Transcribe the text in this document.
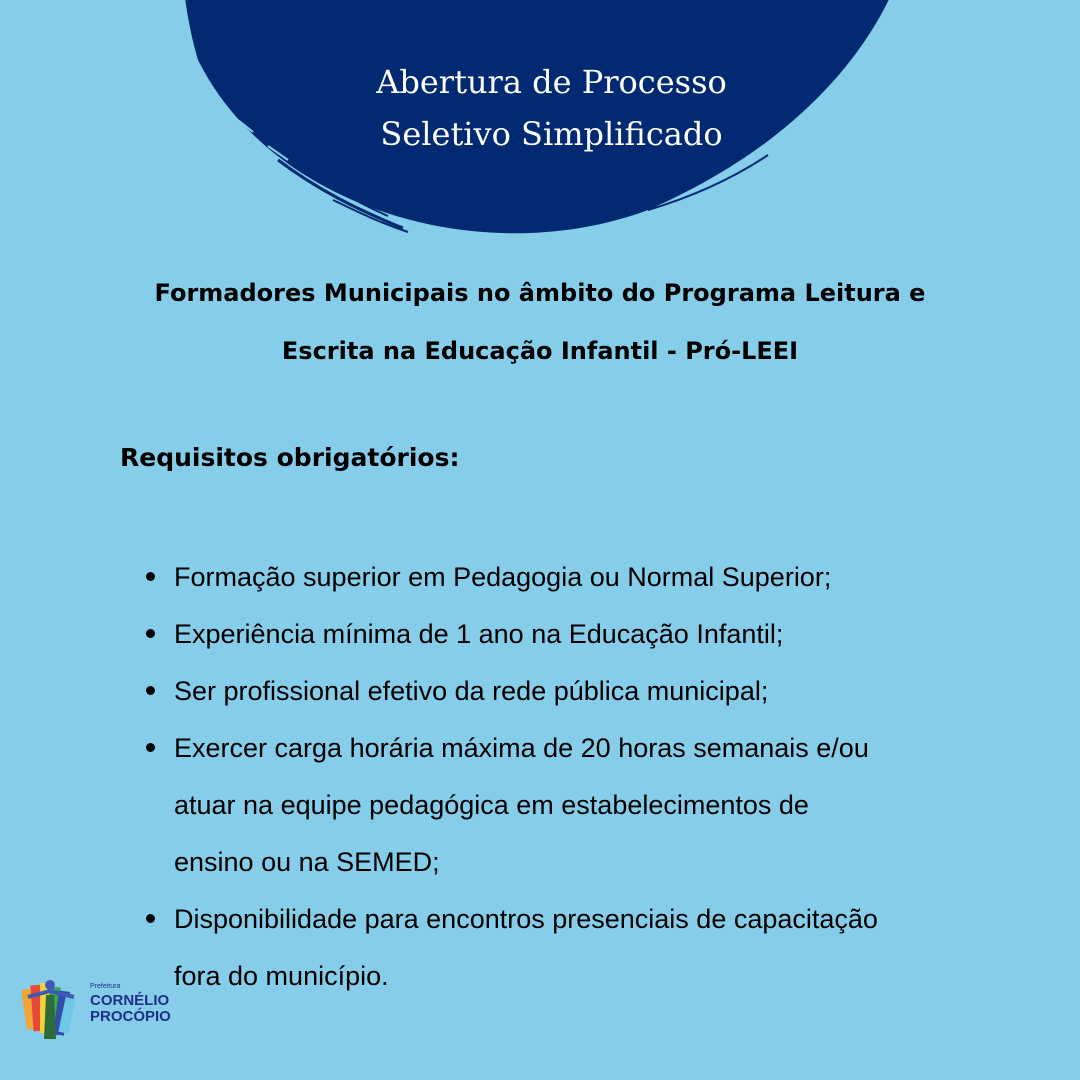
Abertura de Processo
Seletivo Simplificado
Formadores Municipais no âmbito do Programa Leitura e
Escrita na Educação Infantil - Pró-LEEI
Requisitos obrigatórios:
Formação superior em Pedagogia ou Normal Superior;
Experiência mínima de 1 ano na Educação Infantil;
Ser profissional efetivo da rede pública municipal;
Exercer carga horária máxima de 20 horas semanais e/ou
atuar na equipe pedagógica em estabelecimentos de
ensino ou na SEMED;
Disponibilidade para encontros presenciais de capacitação
fora do município.
Prefeitura
CORNÉLIO
PROCÓPIO
